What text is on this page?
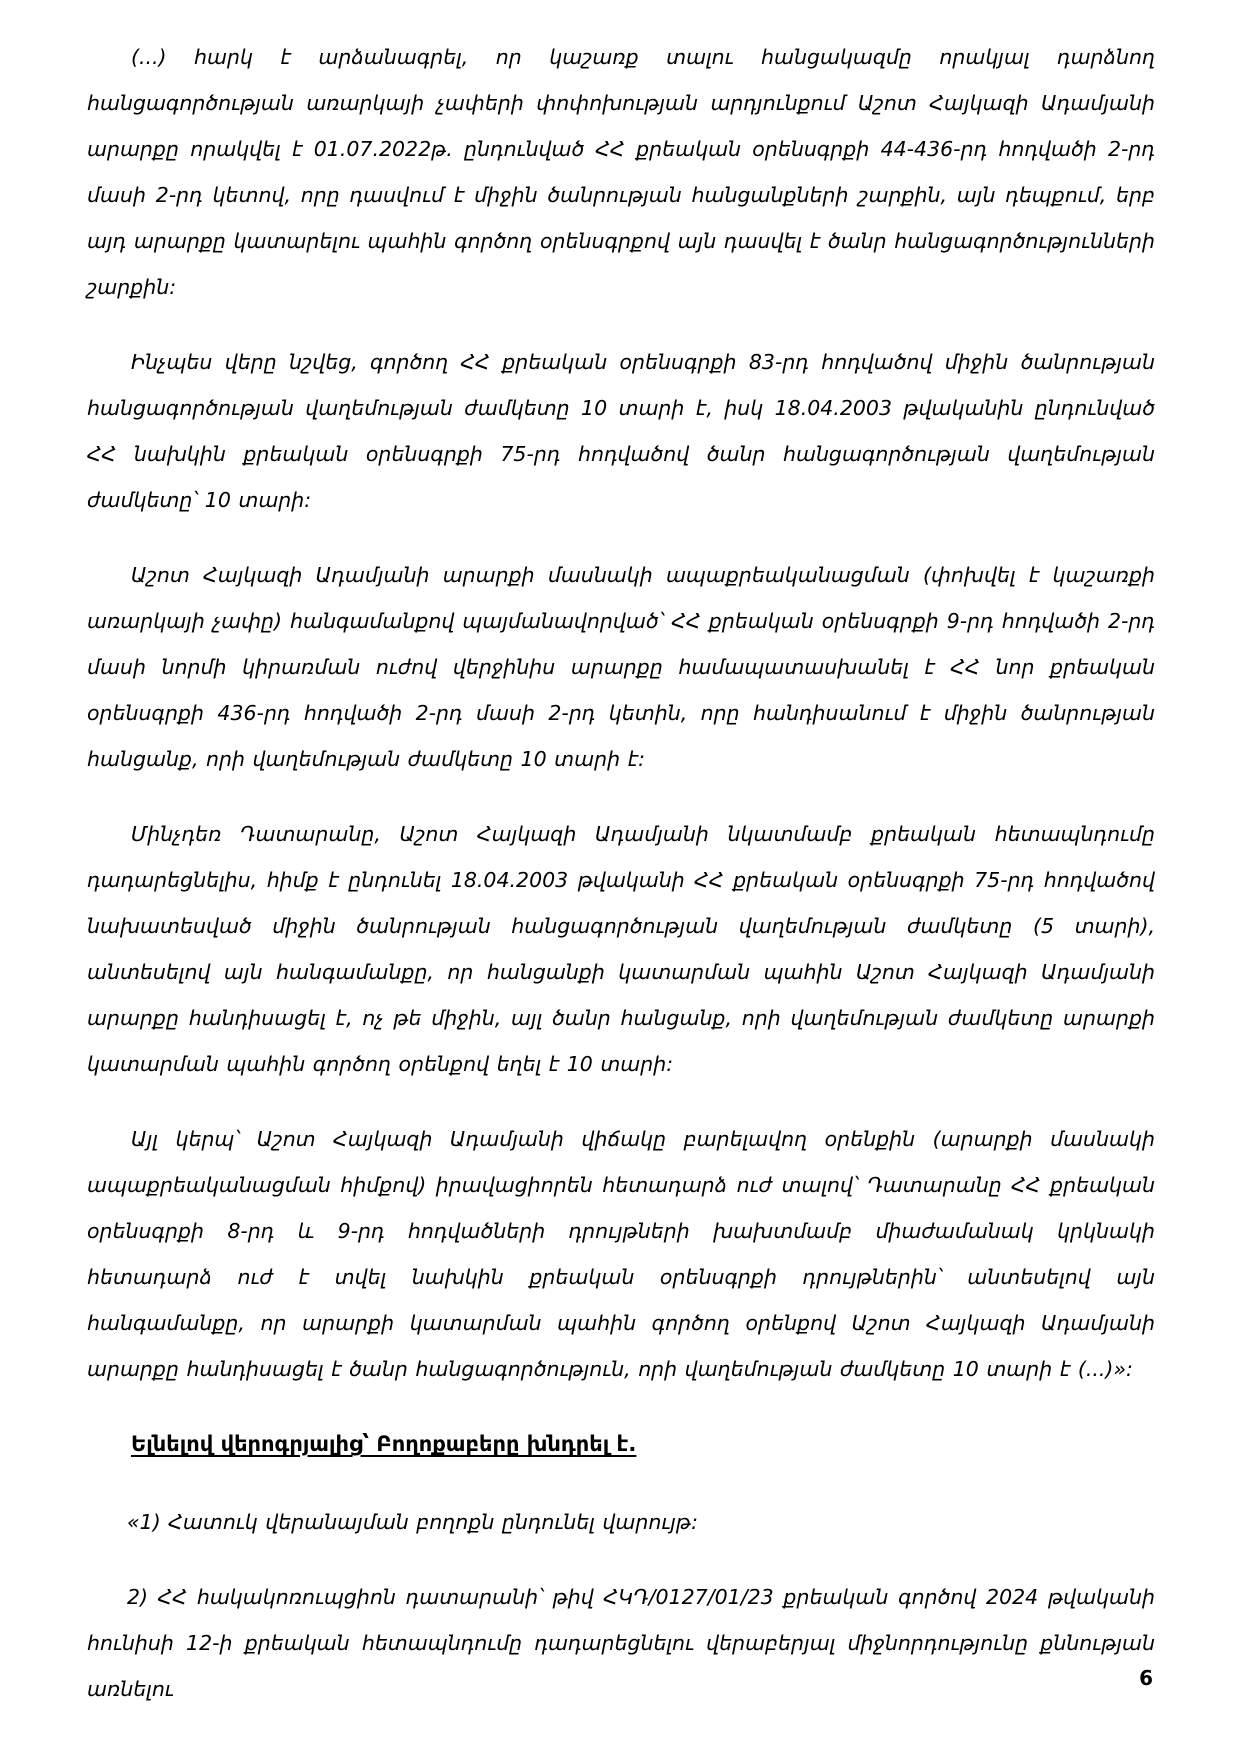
(...) հարկ է արձանագրել, որ կաշառք տալու հանցակազմը որակյալ դարձնող հանցագործության առարկայի չափերի փոփոխության արդյունքում Աշոտ Հայկազի Ադամյանի արարքը որակվել է 01.07.2022թ. ընդունված ՀՀ քրեական օրենսգրքի 44-436-րդ հոդվածի 2-րդ մասի 2-րդ կետով, որը դասվում է միջին ծանրության հանցանքների շարքին, այն դեպքում, երբ այդ արարքը կատարելու պահին գործող օրենսգրքով այն դասվել է ծանր հանցագործությունների շարքին:

Ինչպես վերը նշվեց, գործող ՀՀ քրեական օրենսգրքի 83-րդ հոդվածով միջին ծանրության հանցագործության վաղեմության ժամկետը 10 տարի է, իսկ 18.04.2003 թվականին ընդունված ՀՀ նախկին քրեական օրենսգրքի 75-րդ հոդվածով ծանր հանցագործության վաղեմության ժամկետը՝ 10 տարի:

Աշոտ Հայկազի Ադամյանի արարքի մասնակի ապաքրեականացման (փոխվել է կաշառքի առարկայի չափը) հանգամանքով պայմանավորված՝ ՀՀ քրեական օրենսգրքի 9-րդ հոդվածի 2-րդ մասի նորմի կիրառման ուժով վերջինիս արարքը համապատասխանել է ՀՀ նոր քրեական օրենսգրքի 436-րդ հոդվածի 2-րդ մասի 2-րդ կետին, որը հանդիսանում է միջին ծանրության հանցանք, որի վաղեմության ժամկետը 10 տարի է:

Մինչդեռ Դատարանը, Աշոտ Հայկազի Ադամյանի նկատմամբ քրեական հետապնդումը դադարեցնելիս, հիմք է ընդունել 18.04.2003 թվականի ՀՀ քրեական օրենսգրքի 75-րդ հոդվածով նախատեսված միջին ծանրության հանցագործության վաղեմության ժամկետը (5 տարի), անտեսելով այն հանգամանքը, որ հանցանքի կատարման պահին Աշոտ Հայկազի Ադամյանի արարքը հանդիսացել է, ոչ թե միջին, այլ ծանր հանցանք, որի վաղեմության ժամկետը արարքի կատարման պահին գործող օրենքով եղել է 10 տարի:

Այլ կերպ՝ Աշոտ Հայկազի Ադամյանի վիճակը բարելավող օրենքին (արարքի մասնակի ապաքրեականացման հիմքով) իրավացիորեն հետադարձ ուժ տալով՝ Դատարանը ՀՀ քրեական օրենսգրքի 8-րդ և 9-րդ հոդվածների դրույթների խախտմամբ միաժամանակ կրկնակի հետադարձ ուժ է տվել նախկին քրեական օրենսգրքի դրույթներին՝ անտեսելով այն հանգամանքը, որ արարքի կատարման պահին գործող օրենքով Աշոտ Հայկազի Ադամյանի արարքը հանդիսացել է ծանր հանցագործություն, որի վաղեմության ժամկետը 10 տարի է (...)»:

Ելնելով վերոգրյալից՝ Բողոքաբերը խնդրել է.

«1) Հատուկ վերանայման բողոքն ընդունել վարույթ:

2) ՀՀ հակակոռուպցիոն դատարանի՝ թիվ ՀԿԴ/0127/01/23 քրեական գործով 2024 թվականի հունիսի 12-ի քրեական հետապնդումը դադարեցնելու վերաբերյալ միջնորդությունը քննության առնելու	6
